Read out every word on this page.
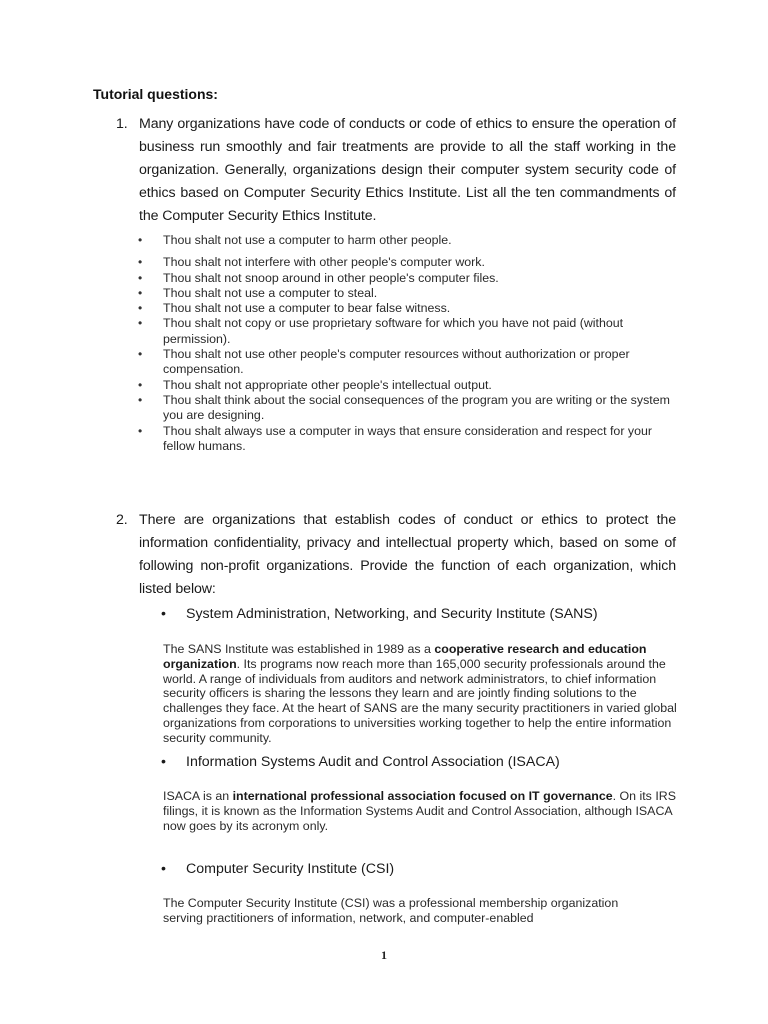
Tutorial questions:
1. Many organizations have code of conducts or code of ethics to ensure the operation of business run smoothly and fair treatments are provide to all the staff working in the organization. Generally, organizations design their computer system security code of ethics based on Computer Security Ethics Institute. List all the ten commandments of the Computer Security Ethics Institute.
• Thou shalt not use a computer to harm other people.
• Thou shalt not interfere with other people's computer work.
• Thou shalt not snoop around in other people's computer files.
• Thou shalt not use a computer to steal.
• Thou shalt not use a computer to bear false witness.
• Thou shalt not copy or use proprietary software for which you have not paid (without permission).
• Thou shalt not use other people's computer resources without authorization or proper compensation.
• Thou shalt not appropriate other people's intellectual output.
• Thou shalt think about the social consequences of the program you are writing or the system you are designing.
• Thou shalt always use a computer in ways that ensure consideration and respect for your fellow humans.
2. There are organizations that establish codes of conduct or ethics to protect the information confidentiality, privacy and intellectual property which, based on some of following non-profit organizations. Provide the function of each organization, which listed below:
• System Administration, Networking, and Security Institute (SANS)
The SANS Institute was established in 1989 as a cooperative research and education organization. Its programs now reach more than 165,000 security professionals around the world. A range of individuals from auditors and network administrators, to chief information security officers is sharing the lessons they learn and are jointly finding solutions to the challenges they face. At the heart of SANS are the many security practitioners in varied global organizations from corporations to universities working together to help the entire information security community.
• Information Systems Audit and Control Association (ISACA)
ISACA is an international professional association focused on IT governance. On its IRS filings, it is known as the Information Systems Audit and Control Association, although ISACA now goes by its acronym only.
• Computer Security Institute (CSI)
The Computer Security Institute (CSI) was a professional membership organization serving practitioners of information, network, and computer-enabled
1
